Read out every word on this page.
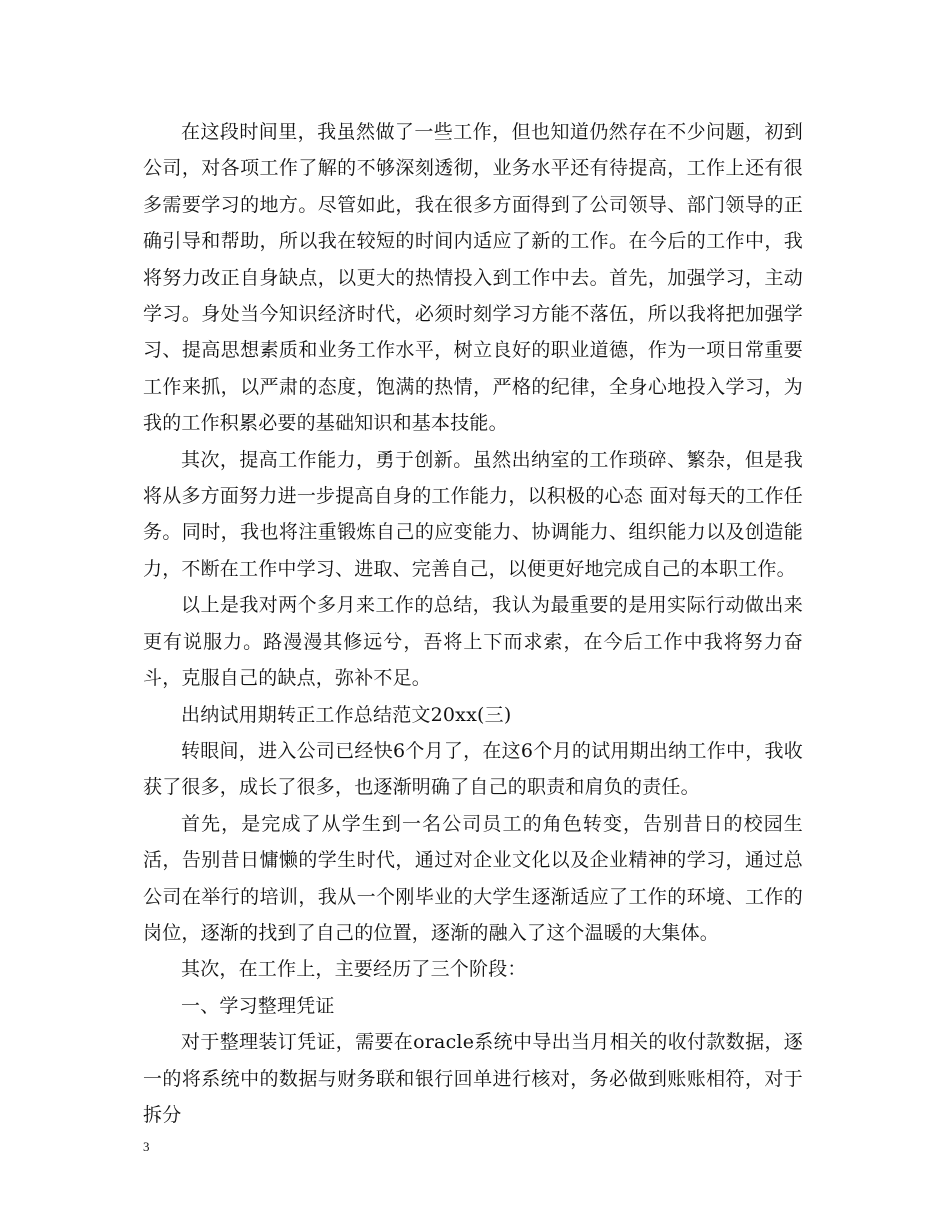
在这段时间里，我虽然做了一些工作，但也知道仍然存在不少问题，初到公司，对各项工作了解的不够深刻透彻，业务水平还有待提高，工作上还有很多需要学习的地方。尽管如此，我在很多方面得到了公司领导、部门领导的正确引导和帮助，所以我在较短的时间内适应了新的工作。在今后的工作中，我将努力改正自身缺点，以更大的热情投入到工作中去。首先，加强学习，主动学习。身处当今知识经济时代，必须时刻学习方能不落伍，所以我将把加强学习、提高思想素质和业务工作水平，树立良好的职业道德，作为一项日常重要工作来抓，以严肃的态度，饱满的热情，严格的纪律，全身心地投入学习，为我的工作积累必要的基础知识和基本技能。

其次，提高工作能力，勇于创新。虽然出纳室的工作琐碎、繁杂，但是我将从多方面努力进一步提高自身的工作能力，以积极的心态 面对每天的工作任务。同时，我也将注重锻炼自己的应变能力、协调能力、组织能力以及创造能力，不断在工作中学习、进取、完善自己，以便更好地完成自己的本职工作。

以上是我对两个多月来工作的总结，我认为最重要的是用实际行动做出来更有说服力。路漫漫其修远兮，吾将上下而求索，在今后工作中我将努力奋斗，克服自己的缺点，弥补不足。

出纳试用期转正工作总结范文20xx(三)

转眼间，进入公司已经快6个月了，在这6个月的试用期出纳工作中，我收获了很多，成长了很多，也逐渐明确了自己的职责和肩负的责任。

首先，是完成了从学生到一名公司员工的角色转变，告别昔日的校园生活，告别昔日慵懒的学生时代，通过对企业文化以及企业精神的学习，通过总公司在举行的培训，我从一个刚毕业的大学生逐渐适应了工作的环境、工作的岗位，逐渐的找到了自己的位置，逐渐的融入了这个温暖的大集体。

其次，在工作上，主要经历了三个阶段：

一、学习整理凭证

对于整理装订凭证，需要在oracle系统中导出当月相关的收付款数据，逐一的将系统中的数据与财务联和银行回单进行核对，务必做到账账相符，对于拆分

3
